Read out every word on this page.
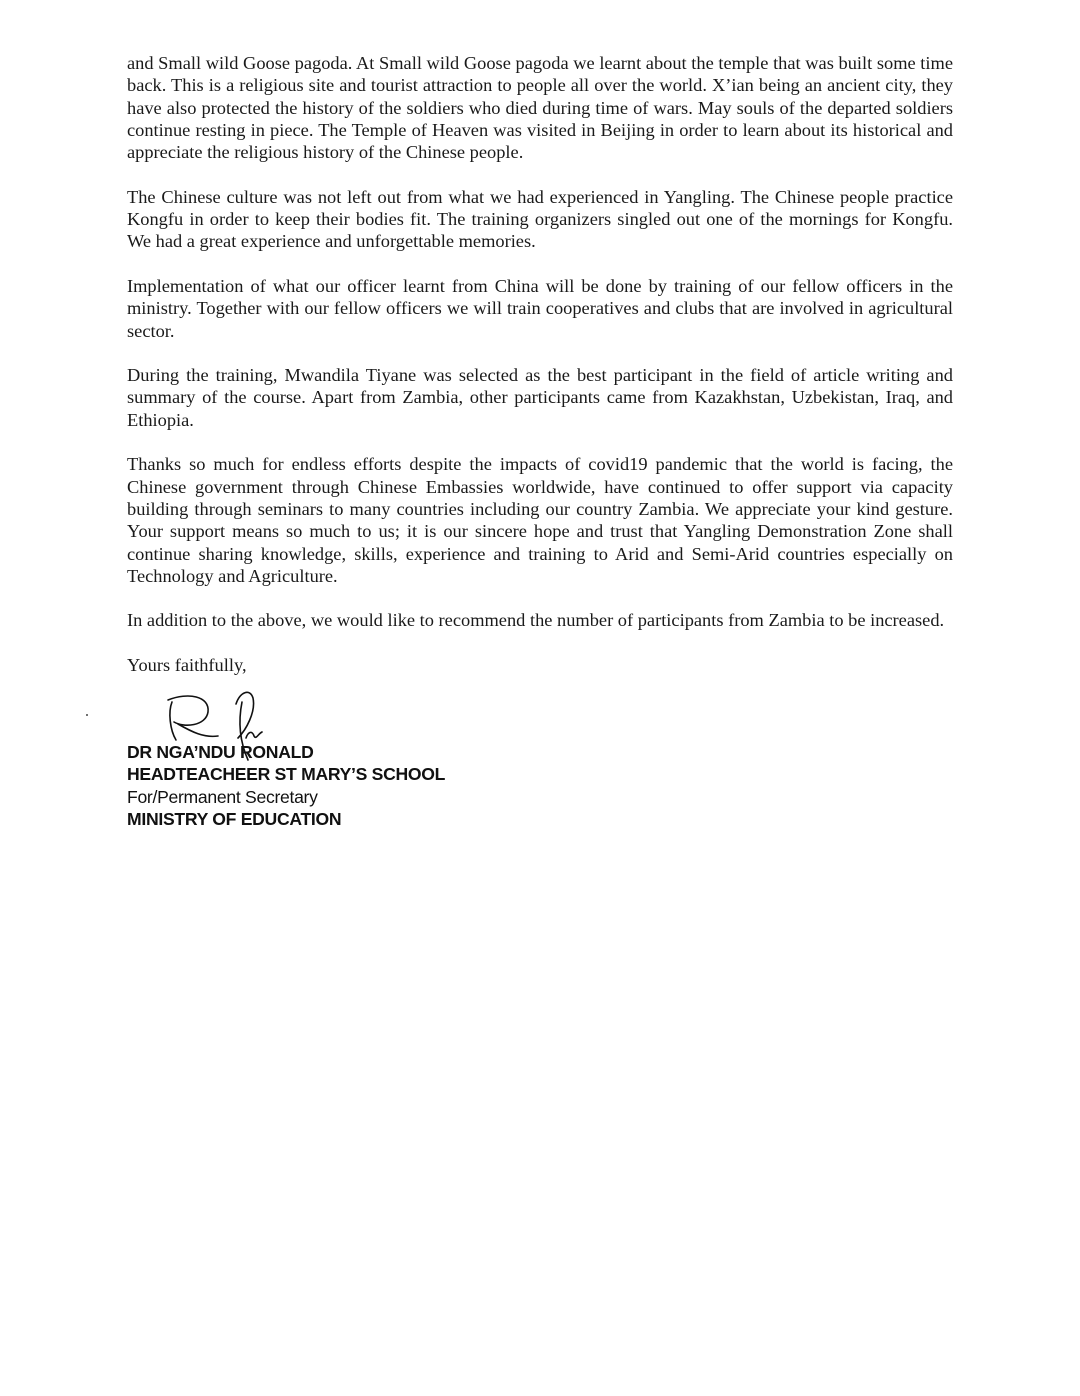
and Small wild Goose pagoda. At Small wild Goose pagoda we learnt about the temple that was built some time back. This is a religious site and tourist attraction to people all over the world. X’ian being an ancient city, they have also protected the history of the soldiers who died during time of wars. May souls of the departed soldiers continue resting in piece. The Temple of Heaven was visited in Beijing in order to learn about its historical and appreciate the religious history of the Chinese people.

The Chinese culture was not left out from what we had experienced in Yangling. The Chinese people practice Kongfu in order to keep their bodies fit. The training organizers singled out one of the mornings for Kongfu. We had a great experience and unforgettable memories.

Implementation of what our officer learnt from China will be done by training of our fellow officers in the ministry. Together with our fellow officers we will train cooperatives and clubs that are involved in agricultural sector.

During the training, Mwandila Tiyane was selected as the best participant in the field of article writing and summary of the course. Apart from Zambia, other participants came from Kazakhstan, Uzbekistan, Iraq, and Ethiopia.

Thanks so much for endless efforts despite the impacts of covid19 pandemic that the world is facing, the Chinese government through Chinese Embassies worldwide, have continued to offer support via capacity building through seminars to many countries including our country Zambia. We appreciate your kind gesture. Your support means so much to us; it is our sincere hope and trust that Yangling Demonstration Zone shall continue sharing knowledge, skills, experience and training to Arid and Semi-Arid countries especially on Technology and Agriculture.

In addition to the above, we would like to recommend the number of participants from Zambia to be increased.

Yours faithfully,

DR NGA’NDU RONALD
HEADTEACHEER ST MARY’S SCHOOL
For/Permanent Secretary
MINISTRY OF EDUCATION
